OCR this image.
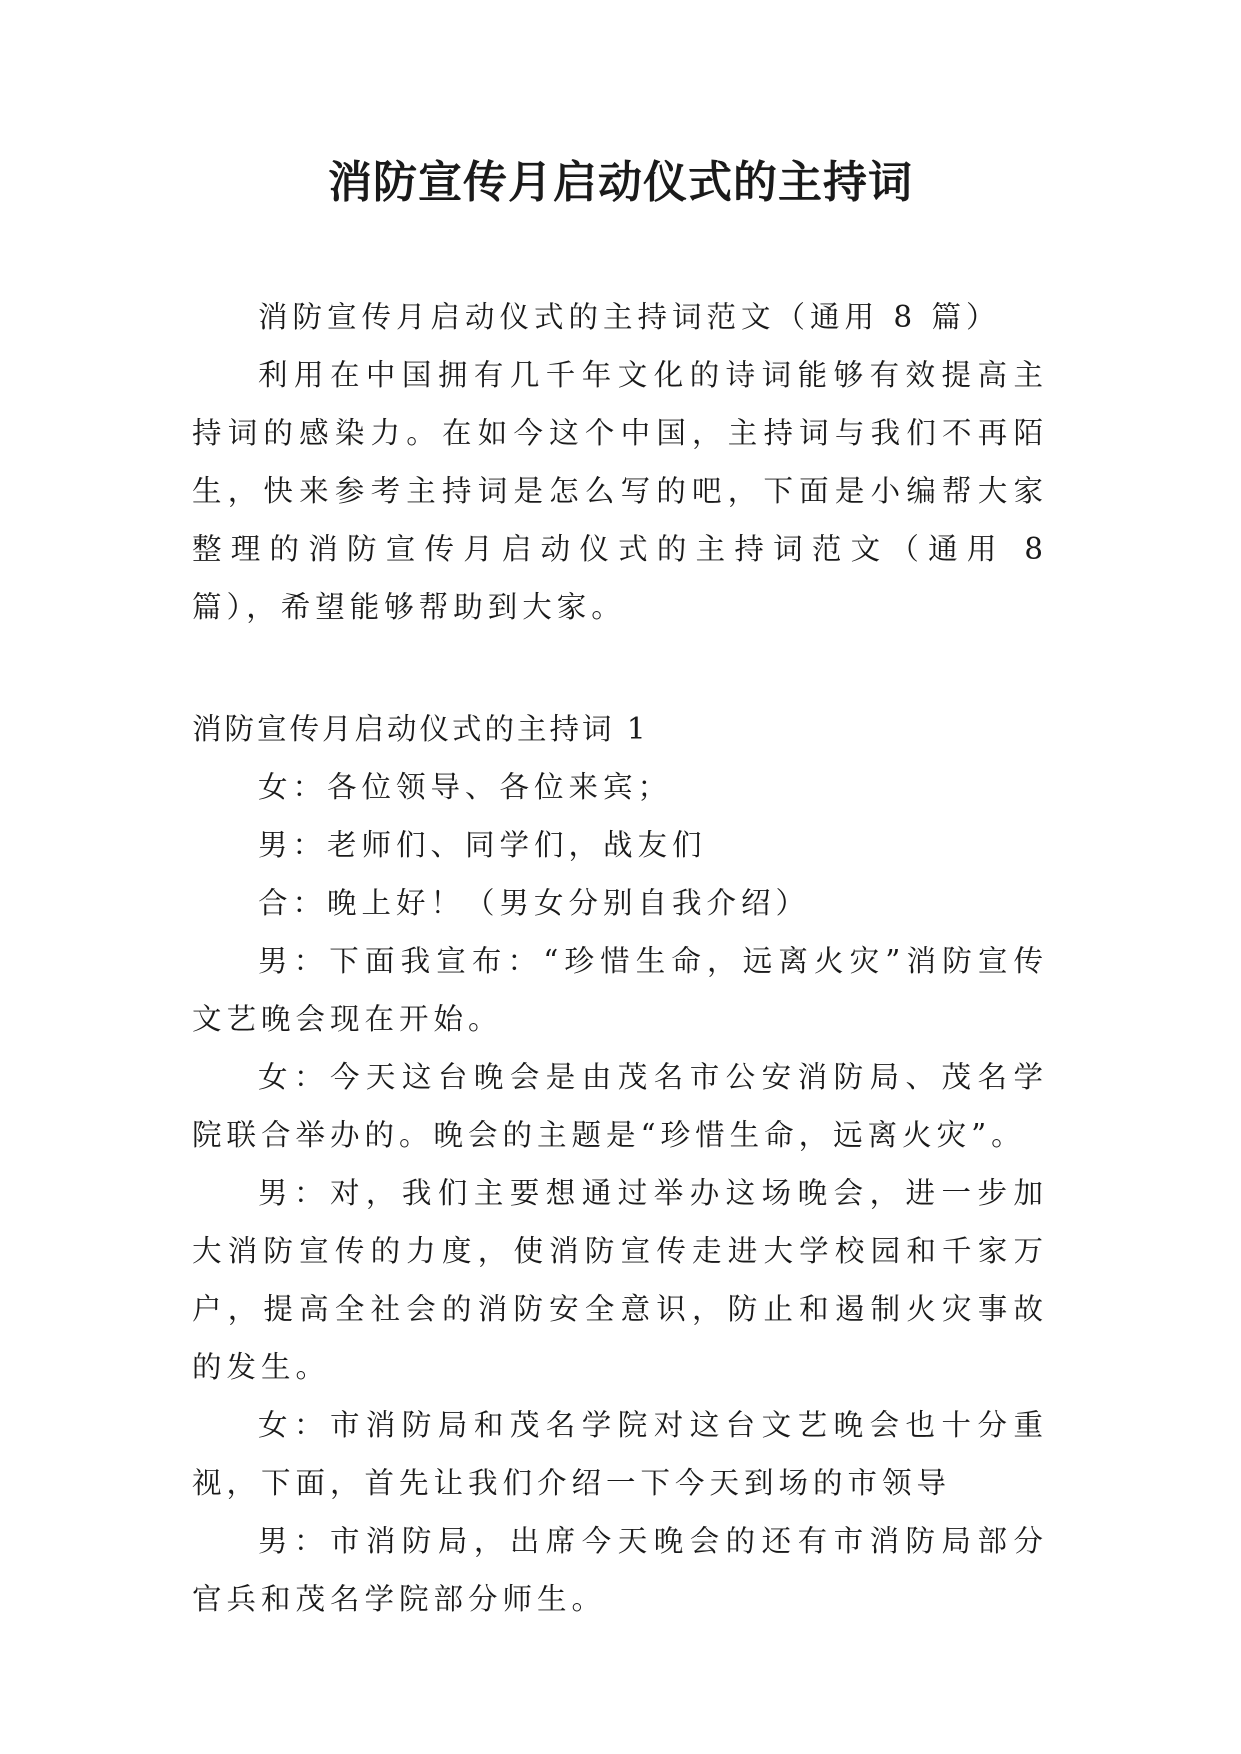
消防宣传月启动仪式的主持词

消防宣传月启动仪式的主持词范文（通用 8 篇）

利用在中国拥有几千年文化的诗词能够有效提高主持词的感染力。在如今这个中国，主持词与我们不再陌生，快来参考主持词是怎么写的吧，下面是小编帮大家整理的消防宣传月启动仪式的主持词范文（通用 8 篇），希望能够帮助到大家。

消防宣传月启动仪式的主持词 1

女：各位领导、各位来宾；

男：老师们、同学们，战友们

合：晚上好！（男女分别自我介绍）

男：下面我宣布：“珍惜生命，远离火灾”消防宣传文艺晚会现在开始。

女：今天这台晚会是由茂名市公安消防局、茂名学院联合举办的。晚会的主题是“珍惜生命，远离火灾”。

男：对，我们主要想通过举办这场晚会，进一步加大消防宣传的力度，使消防宣传走进大学校园和千家万户，提高全社会的消防安全意识，防止和遏制火灾事故的发生。

女：市消防局和茂名学院对这台文艺晚会也十分重视，下面，首先让我们介绍一下今天到场的市领导

男：市消防局，出席今天晚会的还有市消防局部分官兵和茂名学院部分师生。
